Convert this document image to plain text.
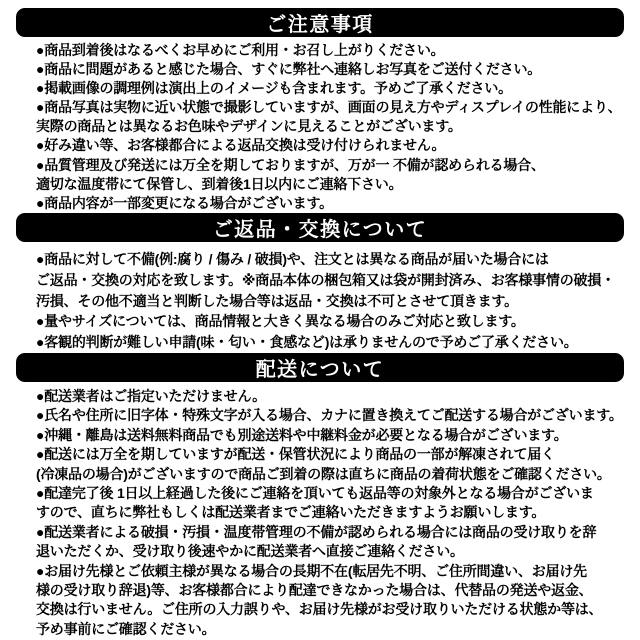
ご注意事項
●商品到着後はなるべくお早めにご利用・お召し上がりください。
●商品に問題があると感じた場合、すぐに弊社へ連絡しお写真をご送付ください。
●掲載画像の調理例は演出上のイメージも含まれます。予めご了承ください。
●商品写真は実物に近い状態で撮影していますが、画面の見え方やディスプレイの性能により、
実際の商品とは異なるお色味やデザインに見えることがございます。
●好み違い等、お客様都合による返品交換は受け付けられません。
●品質管理及び発送には万全を期しておりますが、万が一 不備が認められる場合、
適切な温度帯にて保管し、到着後1日以内にご連絡下さい。
●商品内容が一部変更になる場合がございます。
ご返品・交換について
●商品に対して不備(例:腐り / 傷み / 破損)や、注文とは異なる商品が届いた場合には
ご返品・交換の対応を致します。※商品本体の梱包箱又は袋が開封済み、お客様事情の破損・
汚損、その他不適当と判断した場合等は返品・交換は不可とさせて頂きます。
●量やサイズについては、商品情報と大きく異なる場合のみご対応と致します。
●客観的判断が難しい申請(味・匂い・食感など)は承りませんので予めご了承ください。
配送について
●配送業者はご指定いただけません。
●氏名や住所に旧字体・特殊文字が入る場合、カナに置き換えてご配送する場合がございます。
●沖縄・離島は送料無料商品でも別途送料や中継料金が必要となる場合がございます。
●配送には万全を期していますが配送・保管状況により商品の一部が解凍されて届く
(冷凍品の場合)がございますので商品ご到着の際は直ちに商品の着荷状態をご確認ください。
●配達完了後 1日以上経過した後にご連絡を頂いても返品等の対象外となる場合がございま
すので、直ちに弊社もしくは配送業者までご連絡いただきますようお願いします。
●配送業者による破損・汚損・温度帯管理の不備が認められる場合には商品の受け取りを辞
退いただくか、受け取り後速やかに配送業者へ直接ご連絡ください。
●お届け先様とご依頼主様が異なる場合の長期不在(転居先不明、ご住所間違い、お届け先
様の受け取り辞退)等、お客様都合により配達できなかった場合は、代替品の発送や返金、
交換は行いません。ご住所の入力誤りや、お届け先様がお受け取りいただける状態か等は、
予め事前にご確認ください。
